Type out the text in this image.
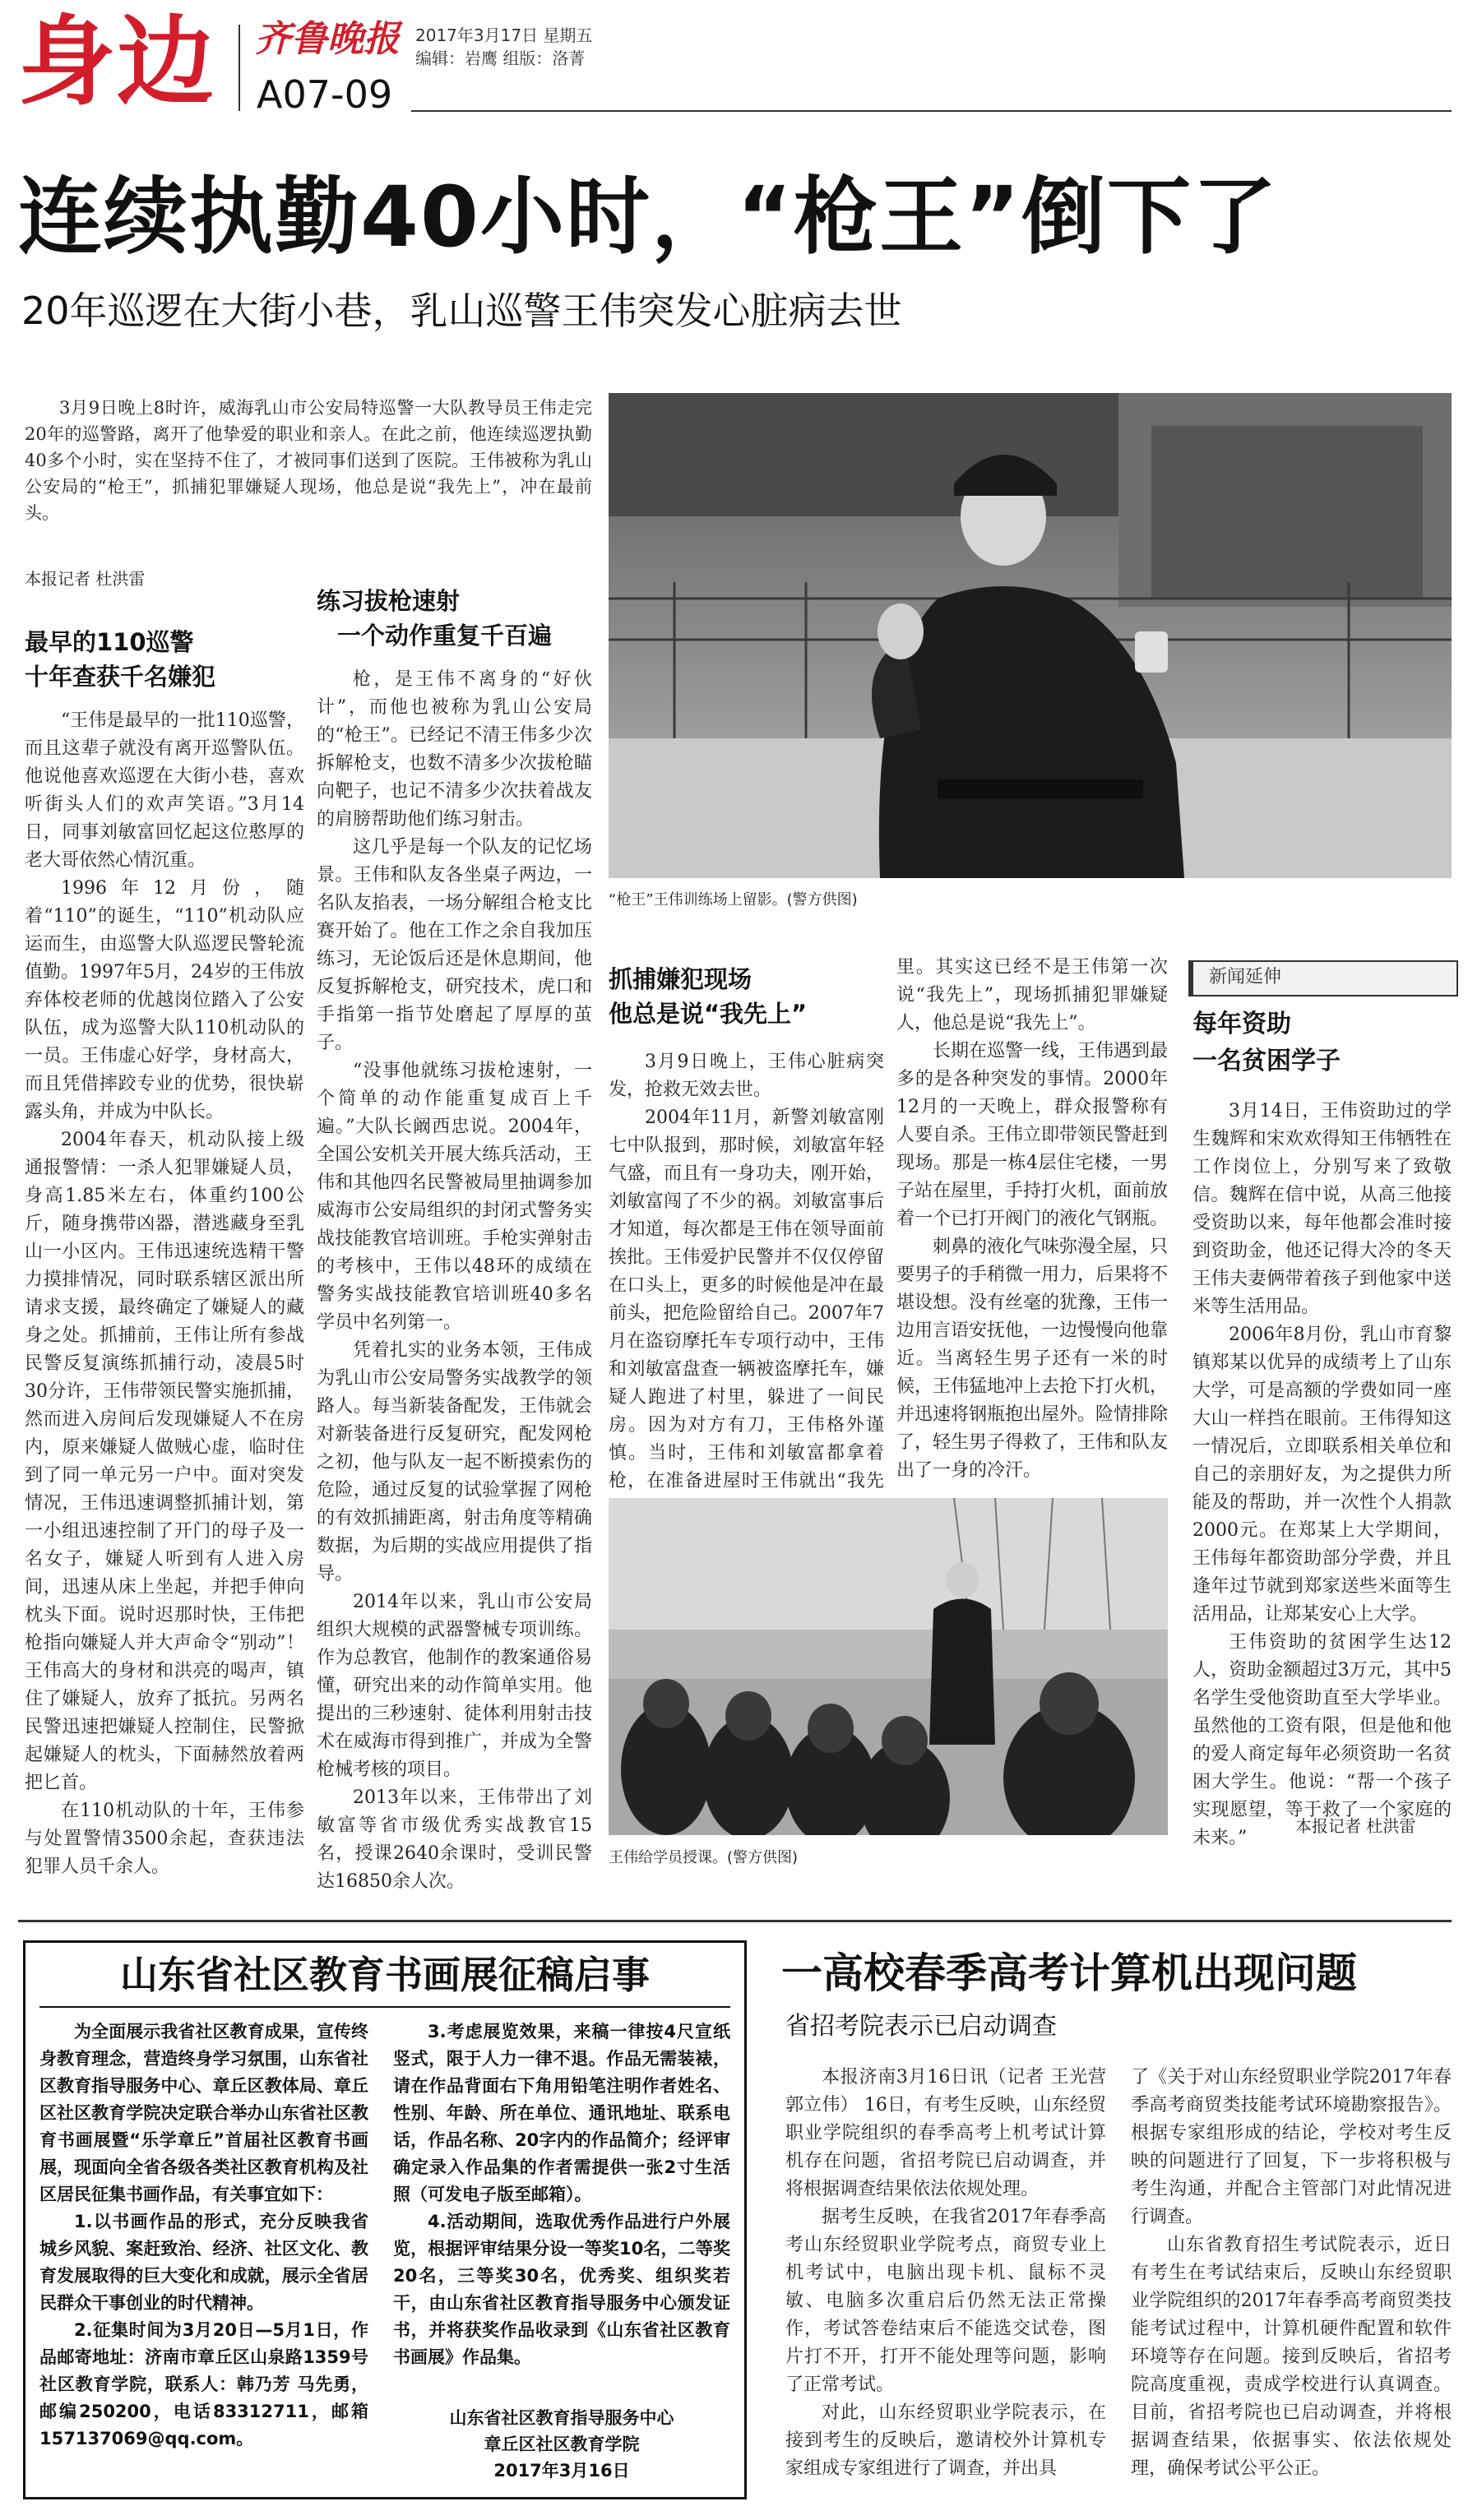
身边 齐鲁晚报
A07-09
2017年3月17日 星期五
编辑：岩鹰 组版：洛菁
连续执勤40小时，“枪王”倒下了
20年巡逻在大街小巷，乳山巡警王伟突发心脏病去世

3月9日晚上8时许，威海乳山市公安局特巡警一大队教导员王伟走完20年的巡警路，离开了他挚爱的职业和亲人。在此之前，他连续巡逻执勤40多个小时，实在坚持不住了，才被同事们送到了医院。王伟被称为乳山公安局的“枪王”，抓捕犯罪嫌疑人现场，他总是说“我先上”，冲在最前头。

“枪王”王伟训练场上留影。(警方供图)
本报记者 杜洪雷
最早的110巡警
十年查获千名嫌犯

“王伟是最早的一批110巡警，而且这辈子就没有离开巡警队伍。他说他喜欢巡逻在大街小巷，喜欢听街头人们的欢声笑语。”3月14日，同事刘敏富回忆起这位憨厚的老大哥依然心情沉重。

1996年12月份，随着“110”的诞生，“110”机动队应运而生，由巡警大队巡逻民警轮流值勤。1997年5月，24岁的王伟放弃体校老师的优越岗位踏入了公安队伍，成为巡警大队110机动队的一员。王伟虚心好学，身材高大，而且凭借摔跤专业的优势，很快崭露头角，并成为中队长。

2004年春天，机动队接上级通报警情：一杀人犯罪嫌疑人员，身高1.85米左右，体重约100公斤，随身携带凶器，潜逃藏身至乳山一小区内。王伟迅速统选精干警力摸排情况，同时联系辖区派出所请求支援，最终确定了嫌疑人的藏身之处。抓捕前，王伟让所有参战民警反复演练抓捕行动，凌晨5时30分许，王伟带领民警实施抓捕，然而进入房间后发现嫌疑人不在房内，原来嫌疑人做贼心虚，临时住到了同一单元另一户中。面对突发情况，王伟迅速调整抓捕计划，第一小组迅速控制了开门的母子及一名女子，嫌疑人听到有人进入房间，迅速从床上坐起，并把手伸向枕头下面。说时迟那时快，王伟把枪指向嫌疑人并大声命令“别动”！王伟高大的身材和洪亮的喝声，镇住了嫌疑人，放弃了抵抗。另两名民警迅速把嫌疑人控制住，民警掀起嫌疑人的枕头，下面赫然放着两把匕首。

在110机动队的十年，王伟参与处置警情3500余起，查获违法犯罪人员千余人。

练习拔枪速射
一个动作重复千百遍

枪，是王伟不离身的“好伙计”，而他也被称为乳山公安局的“枪王”。已经记不清王伟多少次拆解枪支，也数不清多少次拔枪瞄向靶子，也记不清多少次扶着战友的肩膀帮助他们练习射击。

这几乎是每一个队友的记忆场景。王伟和队友各坐桌子两边，一名队友掐表，一场分解组合枪支比赛开始了。他在工作之余自我加压练习，无论饭后还是休息期间，他反复拆解枪支，研究技术，虎口和手指第一指节处磨起了厚厚的茧子。

“没事他就练习拔枪速射，一个简单的动作能重复成百上千遍。”大队长阚西忠说。2004年，全国公安机关开展大练兵活动，王伟和其他四名民警被局里抽调参加威海市公安局组织的封闭式警务实战技能教官培训班。手枪实弹射击的考核中，王伟以48环的成绩在警务实战技能教官培训班40多名学员中名列第一。

凭着扎实的业务本领，王伟成为乳山市公安局警务实战教学的领路人。每当新装备配发，王伟就会对新装备进行反复研究，配发网枪之初，他与队友一起不断摸索伤的危险，通过反复的试验掌握了网枪的有效抓捕距离，射击角度等精确数据，为后期的实战应用提供了指导。

2014年以来，乳山市公安局组织大规模的武器警械专项训练。作为总教官，他制作的教案通俗易懂，研究出来的动作简单实用。他提出的三秒速射、徒体利用射击技术在威海市得到推广，并成为全警枪械考核的项目。

2013年以来，王伟带出了刘敏富等省市级优秀实战教官15名，授课2640余课时，受训民警达16850余人次。

抓捕嫌犯现场
他总是说“我先上”

3月9日晚上，王伟心脏病突发，抢救无效去世。

2004年11月，新警刘敏富刚七中队报到，那时候，刘敏富年轻气盛，而且有一身功夫，刚开始，刘敏富闯了不少的祸。刘敏富事后才知道，每次都是王伟在领导面前挨批。王伟爱护民警并不仅仅停留在口头上，更多的时候他是冲在最前头，把危险留给自己。2007年7月在盗窃摩托车专项行动中，王伟和刘敏富盘查一辆被盗摩托车，嫌疑人跑进了村里，躲进了一间民房。因为对方有刀，王伟格外谨慎。当时，王伟和刘敏富都拿着枪，在准备进屋时王伟就出“我先

里。其实这已经不是王伟第一次说“我先上”，现场抓捕犯罪嫌疑人，他总是说“我先上”。

长期在巡警一线，王伟遇到最多的是各种突发的事情。2000年12月的一天晚上，群众报警称有人要自杀。王伟立即带领民警赶到现场。那是一栋4层住宅楼，一男子站在屋里，手持打火机，面前放着一个已打开阀门的液化气钢瓶。

刺鼻的液化气味弥漫全屋，只要男子的手稍微一用力，后果将不堪设想。没有丝毫的犹豫，王伟一边用言语安抚他，一边慢慢向他靠近。当离轻生男子还有一米的时候，王伟猛地冲上去抢下打火机，并迅速将钢瓶抱出屋外。险情排除了，轻生男子得救了，王伟和队友出了一身的冷汗。

王伟给学员授课。(警方供图)
新闻延伸
每年资助
一名贫困学子

3月14日，王伟资助过的学生魏辉和宋欢欢得知王伟牺牲在工作岗位上，分别写来了致敬信。魏辉在信中说，从高三他接受资助以来，每年他都会准时接到资助金，他还记得大冷的冬天王伟夫妻俩带着孩子到他家中送米等生活用品。

2006年8月份，乳山市育黎镇郑某以优异的成绩考上了山东大学，可是高额的学费如同一座大山一样挡在眼前。王伟得知这一情况后，立即联系相关单位和自己的亲朋好友，为之提供力所能及的帮助，并一次性个人捐款2000元。在郑某上大学期间，王伟每年都资助部分学费，并且逢年过节就到郑家送些米面等生活用品，让郑某安心上大学。

王伟资助的贫困学生达12人，资助金额超过3万元，其中5名学生受他资助直至大学毕业。虽然他的工资有限，但是他和他的爱人商定每年必须资助一名贫困大学生。他说：“帮一个孩子实现愿望，等于救了一个家庭的未来。”

本报记者 杜洪雷
山东省社区教育书画展征稿启事

为全面展示我省社区教育成果，宣传终身教育理念，营造终身学习氛围，山东省社区教育指导服务中心、章丘区教体局、章丘区社区教育学院决定联合举办山东省社区教育书画展暨“乐学章丘”首届社区教育书画展，现面向全省各级各类社区教育机构及社区居民征集书画作品，有关事宜如下：

1.以书画作品的形式，充分反映我省城乡风貌、案赶致治、经济、社区文化、教育发展取得的巨大变化和成就，展示全省居民群众干事创业的时代精神。

2.征集时间为3月20日—5月1日，作品邮寄地址：济南市章丘区山泉路1359号社区教育学院，联系人：韩乃芳 马先勇，邮编250200，电话83312711，邮箱157137069@qq.com。

3.考虑展览效果，来稿一律按4尺宣纸竖式，限于人力一律不退。作品无需装裱，请在作品背面右下角用铅笔注明作者姓名、性别、年龄、所在单位、通讯地址、联系电话，作品名称、20字内的作品简介；经评审确定录入作品集的作者需提供一张2寸生活照（可发电子版至邮箱）。

4.活动期间，选取优秀作品进行户外展览，根据评审结果分设一等奖10名，二等奖20名，三等奖30名，优秀奖、组织奖若干，由山东省社区教育指导服务中心颁发证书，并将获奖作品收录到《山东省社区教育书画展》作品集。

山东省社区教育指导服务中心
章丘区社区教育学院
2017年3月16日
一高校春季高考计算机出现问题
省招考院表示已启动调查

本报济南3月16日讯（记者 王光营 郭立伟） 16日，有考生反映，山东经贸职业学院组织的春季高考上机考试计算机存在问题，省招考院已启动调查，并将根据调查结果依法依规处理。

据考生反映，在我省2017年春季高考山东经贸职业学院考点，商贸专业上机考试中，电脑出现卡机、鼠标不灵敏、电脑多次重启后仍然无法正常操作，考试答卷结束后不能选交试卷，图片打不开，打开不能处理等问题，影响了正常考试。

对此，山东经贸职业学院表示，在接到考生的反映后，邀请校外计算机专家组成专家组进行了调查，并出具

了《关于对山东经贸职业学院2017年春季高考商贸类技能考试环境勘察报告》。根据专家组形成的结论，学校对考生反映的问题进行了回复，下一步将积极与考生沟通，并配合主管部门对此情况进行调查。

山东省教育招生考试院表示，近日有考生在考试结束后，反映山东经贸职业学院组织的2017年春季高考商贸类技能考试过程中，计算机硬件配置和软件环境等存在问题。接到反映后，省招考院高度重视，责成学校进行认真调查。目前，省招考院也已启动调查，并将根据调查结果，依据事实、依法依规处理，确保考试公平公正。
